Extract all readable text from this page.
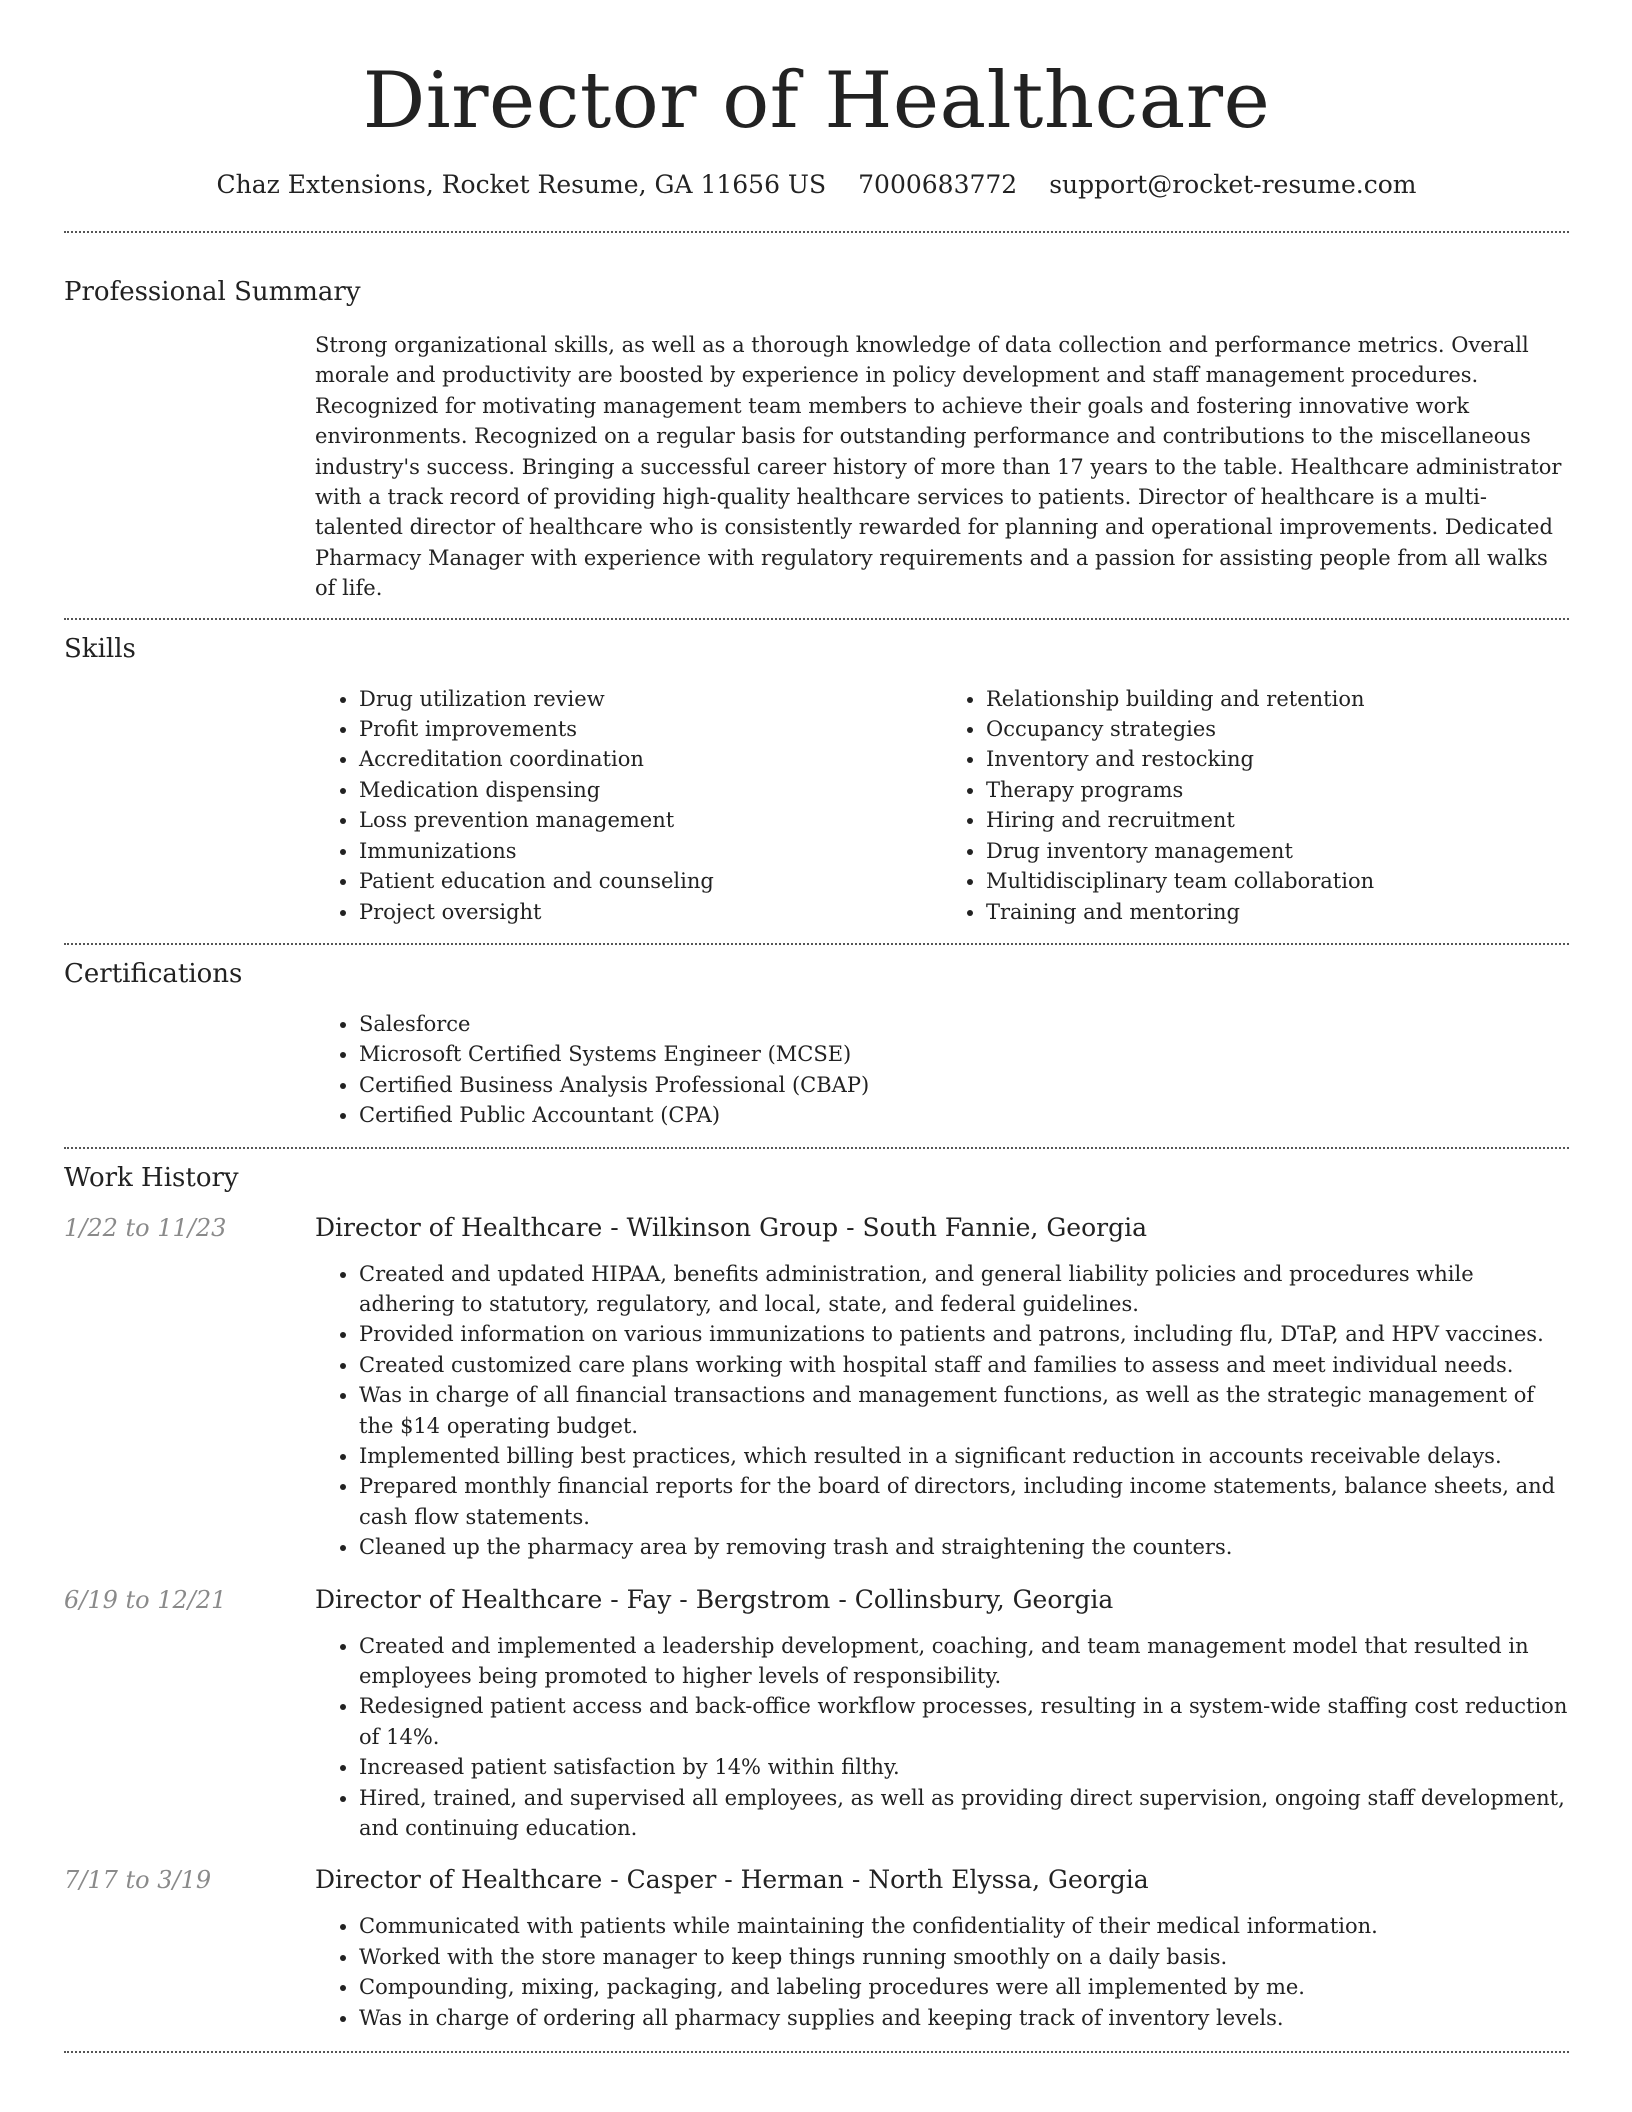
Director of Healthcare
Chaz Extensions, Rocket Resume, GA 11656 US 7000683772 support@rocket-resume.com
Professional Summary
Strong organizational skills, as well as a thorough knowledge of data collection and performance metrics. Overall morale and productivity are boosted by experience in policy development and staff management procedures. Recognized for motivating management team members to achieve their goals and fostering innovative work environments. Recognized on a regular basis for outstanding performance and contributions to the miscellaneous industry's success. Bringing a successful career history of more than 17 years to the table. Healthcare administrator with a track record of providing high-quality healthcare services to patients. Director of healthcare is a multi-talented director of healthcare who is consistently rewarded for planning and operational improvements. Dedicated Pharmacy Manager with experience with regulatory requirements and a passion for assisting people from all walks of life.
Skills
• Drug utilization review
• Profit improvements
• Accreditation coordination
• Medication dispensing
• Loss prevention management
• Immunizations
• Patient education and counseling
• Project oversight
• Relationship building and retention
• Occupancy strategies
• Inventory and restocking
• Therapy programs
• Hiring and recruitment
• Drug inventory management
• Multidisciplinary team collaboration
• Training and mentoring
Certifications
• Salesforce
• Microsoft Certified Systems Engineer (MCSE)
• Certified Business Analysis Professional (CBAP)
• Certified Public Accountant (CPA)
Work History
1/22 to 11/23	Director of Healthcare - Wilkinson Group - South Fannie, Georgia
• Created and updated HIPAA, benefits administration, and general liability policies and procedures while adhering to statutory, regulatory, and local, state, and federal guidelines.
• Provided information on various immunizations to patients and patrons, including flu, DTaP, and HPV vaccines.
• Created customized care plans working with hospital staff and families to assess and meet individual needs.
• Was in charge of all financial transactions and management functions, as well as the strategic management of the $14 operating budget.
• Implemented billing best practices, which resulted in a significant reduction in accounts receivable delays.
• Prepared monthly financial reports for the board of directors, including income statements, balance sheets, and cash flow statements.
• Cleaned up the pharmacy area by removing trash and straightening the counters.
6/19 to 12/21	Director of Healthcare - Fay - Bergstrom - Collinsbury, Georgia
• Created and implemented a leadership development, coaching, and team management model that resulted in employees being promoted to higher levels of responsibility.
• Redesigned patient access and back-office workflow processes, resulting in a system-wide staffing cost reduction of 14%.
• Increased patient satisfaction by 14% within filthy.
• Hired, trained, and supervised all employees, as well as providing direct supervision, ongoing staff development, and continuing education.
7/17 to 3/19	Director of Healthcare - Casper - Herman - North Elyssa, Georgia
• Communicated with patients while maintaining the confidentiality of their medical information.
• Worked with the store manager to keep things running smoothly on a daily basis.
• Compounding, mixing, packaging, and labeling procedures were all implemented by me.
• Was in charge of ordering all pharmacy supplies and keeping track of inventory levels.
